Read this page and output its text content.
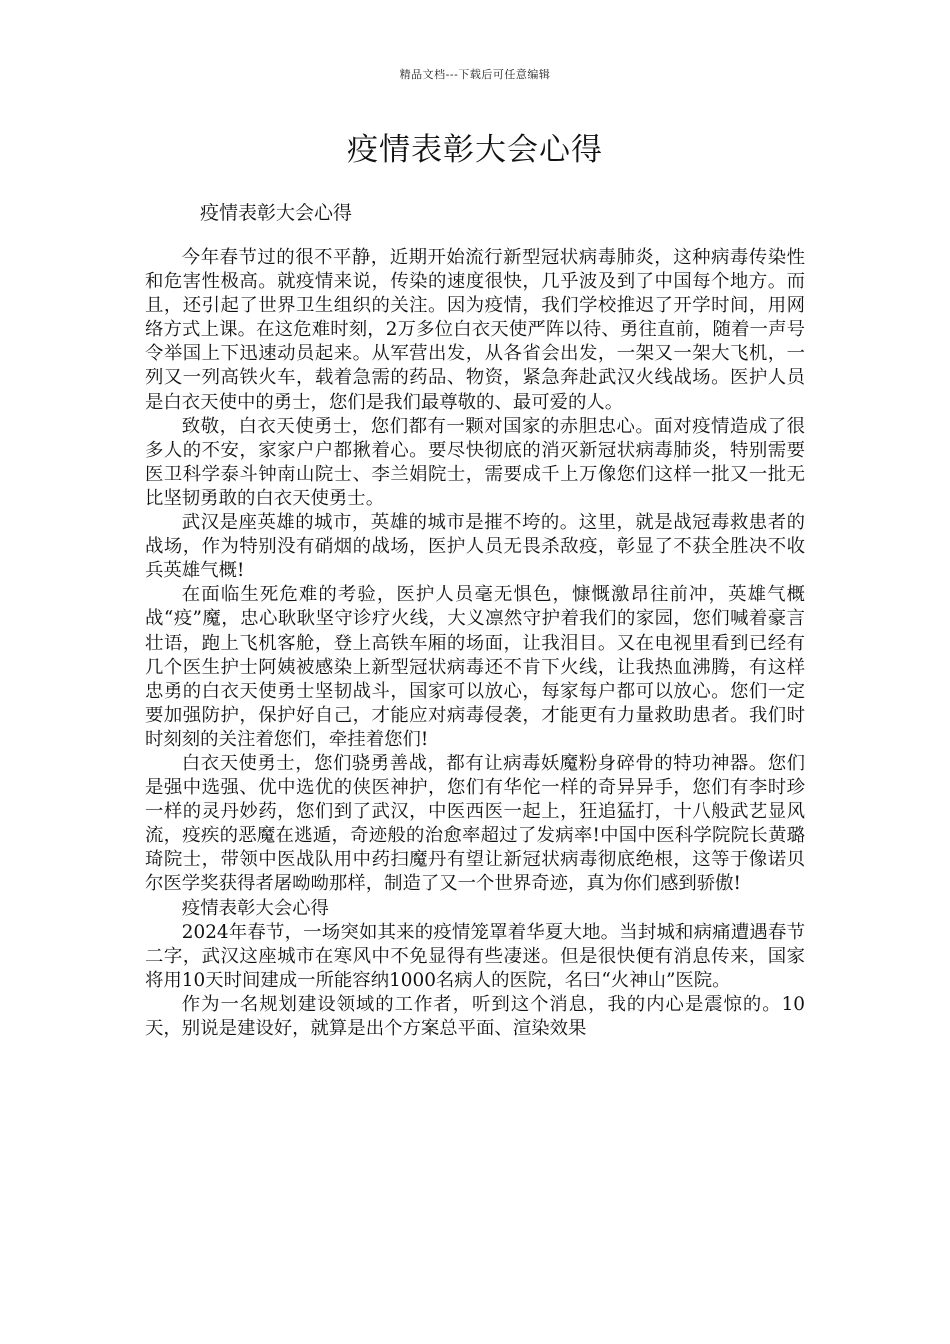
精品文档---下载后可任意编辑
疫情表彰大会心得
疫情表彰大会心得

今年春节过的很不平静，近期开始流行新型冠状病毒肺炎，这种病毒传染性和危害性极高。就疫情来说，传染的速度很快，几乎波及到了中国每个地方。而且，还引起了世界卫生组织的关注。因为疫情，我们学校推迟了开学时间，用网络方式上课。在这危难时刻，2万多位白衣天使严阵以待、勇往直前，随着一声号令举国上下迅速动员起来。从军营出发，从各省会出发，一架又一架大飞机，一列又一列高铁火车，载着急需的药品、物资，紧急奔赴武汉火线战场。医护人员是白衣天使中的勇士，您们是我们最尊敬的、最可爱的人。

致敬，白衣天使勇士，您们都有一颗对国家的赤胆忠心。面对疫情造成了很多人的不安，家家户户都揪着心。要尽快彻底的消灭新冠状病毒肺炎，特别需要医卫科学泰斗钟南山院士、李兰娟院士，需要成千上万像您们这样一批又一批无比坚韧勇敢的白衣天使勇士。

武汉是座英雄的城市，英雄的城市是摧不垮的。这里，就是战冠毒救患者的战场，作为特别没有硝烟的战场，医护人员无畏杀敌疫，彰显了不获全胜决不收兵英雄气概!

在面临生死危难的考验，医护人员毫无惧色，慷慨激昂往前冲，英雄气概战“疫”魔，忠心耿耿坚守诊疗火线，大义凛然守护着我们的家园，您们喊着豪言壮语，跑上飞机客舱，登上高铁车厢的场面，让我泪目。又在电视里看到已经有几个医生护士阿姨被感染上新型冠状病毒还不肯下火线，让我热血沸腾，有这样忠勇的白衣天使勇士坚韧战斗，国家可以放心，每家每户都可以放心。您们一定要加强防护，保护好自己，才能应对病毒侵袭，才能更有力量救助患者。我们时时刻刻的关注着您们，牵挂着您们!

白衣天使勇士，您们骁勇善战，都有让病毒妖魔粉身碎骨的特功神器。您们是强中选强、优中选优的侠医神护，您们有华佗一样的奇异异手，您们有李时珍一样的灵丹妙药，您们到了武汉，中医西医一起上，狂追猛打，十八般武艺显风流，疫疾的恶魔在逃遁，奇迹般的治愈率超过了发病率!中国中医科学院院长黄璐琦院士，带领中医战队用中药扫魔丹有望让新冠状病毒彻底绝根，这等于像诺贝尔医学奖获得者屠呦呦那样，制造了又一个世界奇迹，真为你们感到骄傲!

疫情表彰大会心得

2024年春节，一场突如其来的疫情笼罩着华夏大地。当封城和病痛遭遇春节二字，武汉这座城市在寒风中不免显得有些凄迷。但是很快便有消息传来，国家将用10天时间建成一所能容纳1000名病人的医院，名曰“火神山”医院。

作为一名规划建设领域的工作者，听到这个消息，我的内心是震惊的。10天，别说是建设好，就算是出个方案总平面、渲染效果
